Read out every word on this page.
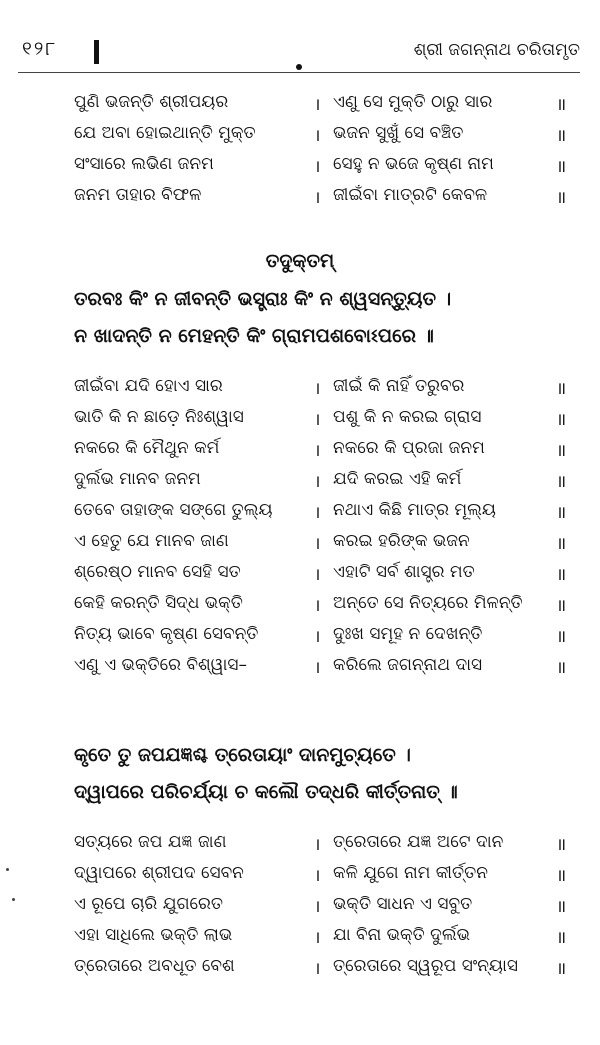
୧୨୮	ଶ୍ରୀ ଜଗନ୍ନାଥ ଚରିତାମୃତ
ପୁଣି ଭଜନ୍ତି ଶ୍ରୀପୟର	। ଏଣୁ ସେ ମୁକ୍ତି ଠାରୁ ସାର	॥
ଯେ ଅବା ହୋଇଥାନ୍ତି ମୁକ୍ତ	। ଭଜନ ସୁଖୁଁ ସେ ବଞ୍ଚିତ	॥
ସଂସାରେ ଲଭିଣ ଜନମ	। ସେହୁ ନ ଭଜେ କୃଷ୍ଣ ନାମ	॥
ଜନମ ତାହାର ବିଫଳ	। ଜୀଇଁବା ମାତ୍ରଟି କେବଳ	॥
ତଦୁକ୍ତମ୍
ତରବଃ କିଂ ନ ଜୀବନ୍ତି ଭସ୍ତ୍ରାଃ କିଂ ନ ଶ୍ୱସନ୍ତ୍ୟୁତ ।
ନ ଖାଦନ୍ତି ନ ମେହନ୍ତି କିଂ ଗ୍ରାମପଶବୋଽପରେ ॥
ଜୀଇଁବା ଯଦି ହୋଏ ସାର	। ଜୀଇଁ କି ନାହିଁ ତରୁବର	॥
ଭାତି କି ନ ଛାଡ଼େ ନିଃଶ୍ୱାସ	। ପଶୁ କି ନ କରଇ ଗ୍ରାସ	॥
ନକରେ କି ମୈଥୁନ କର୍ମ	। ନକରେ କି ପ୍ରଜା ଜନମ	॥
ଦୁର୍ଲଭ ମାନବ ଜନମ	। ଯଦି କରଇ ଏହି କର୍ମ	॥
ତେବେ ତାହାଙ୍କ ସଙ୍ଗେ ତୁଲ୍ୟ । ନଥାଏ କିଛି ମାତ୍ର ମୂଲ୍ୟ	॥
ଏ ହେତୁ ଯେ ମାନବ ଜାଣ	। କରଇ ହରିଙ୍କ ଭଜନ	॥
ଶ୍ରେଷ୍ଠ ମାନବ ସେହି ସତ	। ଏହାଟି ସର୍ବ ଶାସ୍ତ୍ର ମତ	॥
କେହି କରନ୍ତି ସିଦ୍ଧ ଭକ୍ତି	। ଅନ୍ତେ ସେ ନିତ୍ୟରେ ମିଳନ୍ତି ॥
ନିତ୍ୟ ଭାବେ କୃଷ୍ଣ ସେବନ୍ତି	। ଦୁଃଖ ସମୂହ ନ ଦେଖନ୍ତି	॥
ଏଣୁ ଏ ଭକ୍ତିରେ ବିଶ୍ୱାସ–	। କରିଲେ ଜଗନ୍ନାଥ ଦାସ	॥
କୃତେ ତୁ ଜପଯଜ୍ଞଶ୍ଚ ତ୍ରେତାୟାଂ ଦାନମୁଚ୍ୟତେ ।
ଦ୍ୱାପରେ ପରିଚର୍ଯ୍ୟା ଚ କଲୌ ତଦ୍ଧରି କୀର୍ତ୍ତନାତ୍ ॥
ସତ୍ୟରେ ଜପ ଯଜ୍ଞ ଜାଣ	। ତ୍ରେତାରେ ଯଜ୍ଞ ଅଟେ ଦାନ	॥
ଦ୍ୱାପରେ ଶ୍ରୀପଦ ସେବନ	। କଳି ଯୁଗେ ନାମ କୀର୍ତ୍ତନ	॥
ଏ ରୂପେ ଚାରି ଯୁଗରେତ	। ଭକ୍ତି ସାଧନ ଏ ସବୁତ	॥
ଏହା ସାଧିଲେ ଭକ୍ତି ଲାଭ	। ଯା ବିନା ଭକ୍ତି ଦୁର୍ଲଭ	॥
ତ୍ରେତାରେ ଅବଧୂତ ବେଶ	। ତ୍ରେତାରେ ସ୍ୱରୂପ ସଂନ୍ୟାସ ॥
